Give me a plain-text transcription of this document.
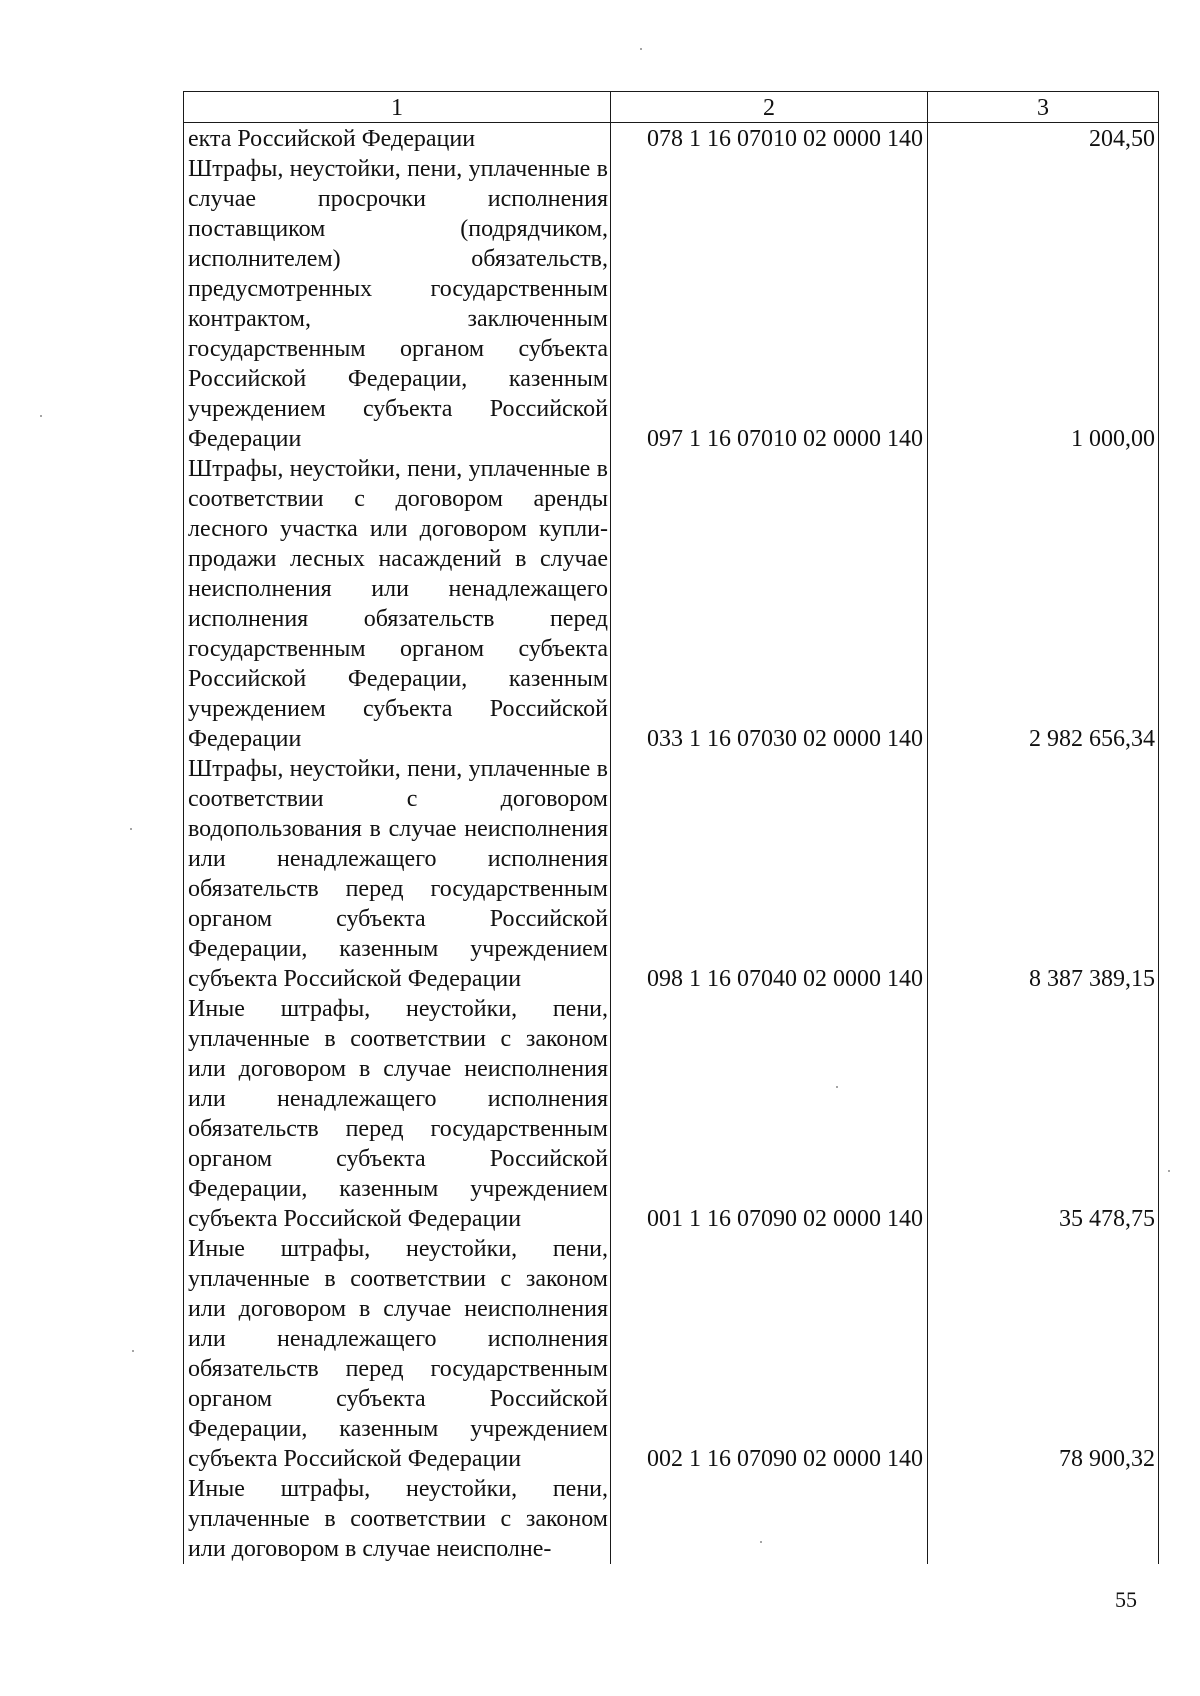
1	2	3

екта Российской Федерации	078 1 16 07010 02 0000 140	204,50

Штрафы, неустойки, пени, уплаченные в случае просрочки исполнения поставщиком (подрядчиком, исполнителем) обязательств, предусмотренных государственным контрактом, заключенным государственным органом субъекта Российской Федерации, казенным учреждением субъекта Российской Федерации	097 1 16 07010 02 0000 140	1 000,00

Штрафы, неустойки, пени, уплаченные в соответствии с договором аренды лесного участка или договором купли-продажи лесных насаждений в случае неисполнения или ненадлежащего исполнения обязательств перед государственным органом субъекта Российской Федерации, казенным учреждением субъекта Российской Федерации	033 1 16 07030 02 0000 140	2 982 656,34

Штрафы, неустойки, пени, уплаченные в соответствии с договором водопользования в случае неисполнения или ненадлежащего исполнения обязательств перед государственным органом субъекта Российской Федерации, казенным учреждением субъекта Российской Федерации	098 1 16 07040 02 0000 140	8 387 389,15

Иные штрафы, неустойки, пени, уплаченные в соответствии с законом или договором в случае неисполнения или ненадлежащего исполнения обязательств перед государственным органом субъекта Российской Федерации, казенным учреждением субъекта Российской Федерации	001 1 16 07090 02 0000 140	35 478,75

Иные штрафы, неустойки, пени, уплаченные в соответствии с законом или договором в случае неисполнения или ненадлежащего исполнения обязательств перед государственным органом субъекта Российской Федерации, казенным учреждением субъекта Российской Федерации	002 1 16 07090 02 0000 140	78 900,32

Иные штрафы, неустойки, пени, уплаченные в соответствии с законом или договором в случае неисполне-		

55
